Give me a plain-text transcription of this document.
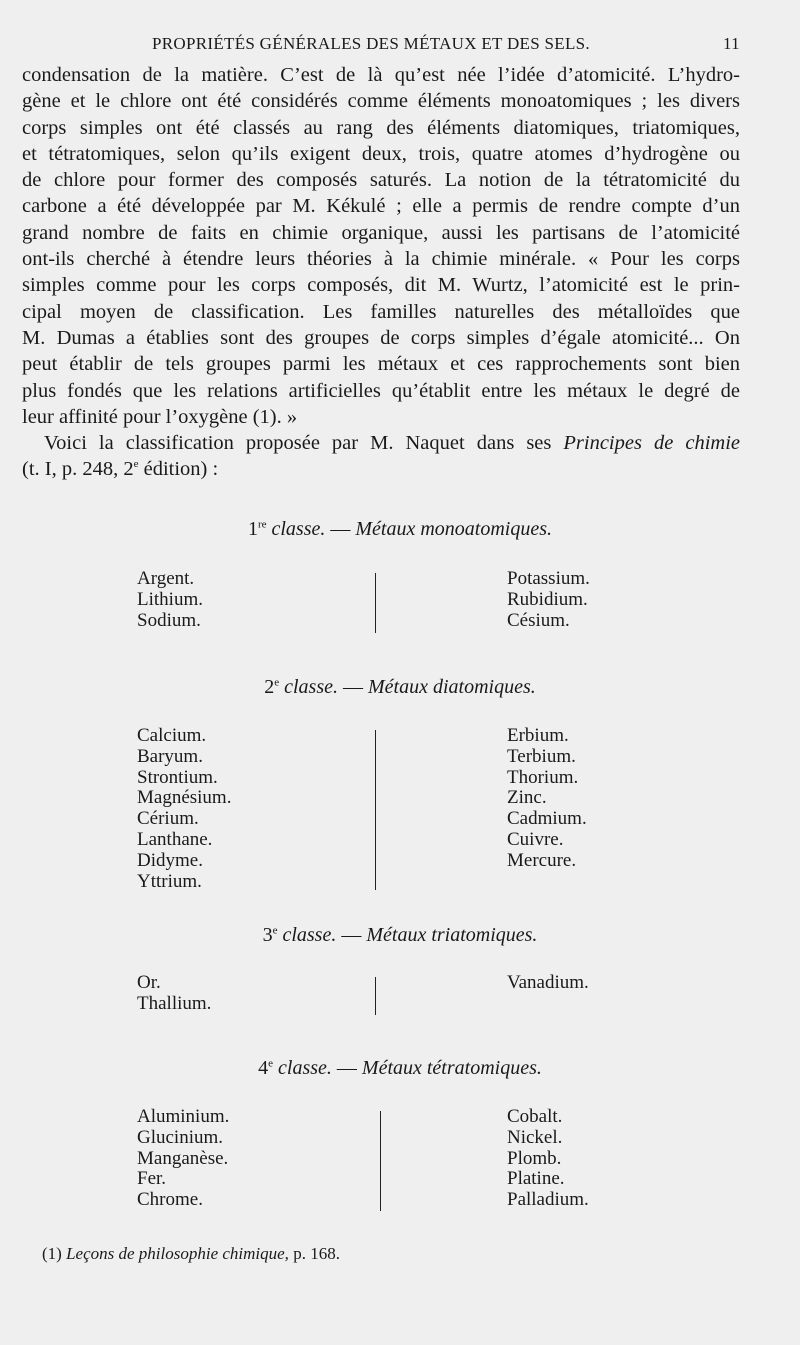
PROPRIÉTÉS GÉNÉRALES DES MÉTAUX ET DES SELS.	11
condensation de la matière. C’est de là qu’est née l’idée d’atomicité. L’hydro-
gène et le chlore ont été considérés comme éléments monoatomiques ; les divers
corps simples ont été classés au rang des éléments diatomiques, triatomiques,
et tétratomiques, selon qu’ils exigent deux, trois, quatre atomes d’hydrogène ou
de chlore pour former des composés saturés. La notion de la tétratomicité du
carbone a été développée par M. Kékulé ; elle a permis de rendre compte d’un
grand nombre de faits en chimie organique, aussi les partisans de l’atomicité
ont-ils cherché à étendre leurs théories à la chimie minérale. « Pour les corps
simples comme pour les corps composés, dit M. Wurtz, l’atomicité est le prin-
cipal moyen de classification. Les familles naturelles des métalloïdes que
M. Dumas a établies sont des groupes de corps simples d’égale atomicité... On
peut établir de tels groupes parmi les métaux et ces rapprochements sont bien
plus fondés que les relations artificielles qu’établit entre les métaux le degré de
leur affinité pour l’oxygène (1). »
Voici la classification proposée par M. Naquet dans ses Principes de chimie
(t. I, p. 248, 2e édition) :
1re classe. — Métaux monoatomiques.
Argent.
Lithium.
Sodium.
Potassium.
Rubidium.
Césium.
2e classe. — Métaux diatomiques.
Calcium.
Baryum.
Strontium.
Magnésium.
Cérium.
Lanthane.
Didyme.
Yttrium.
Erbium.
Terbium.
Thorium.
Zinc.
Cadmium.
Cuivre.
Mercure.
3e classe. — Métaux triatomiques.
Or.
Thallium.
Vanadium.
4e classe. — Métaux tétratomiques.
Aluminium.
Glucinium.
Manganèse.
Fer.
Chrome.
Cobalt.
Nickel.
Plomb.
Platine.
Palladium.
(1) Leçons de philosophie chimique, p. 168.
